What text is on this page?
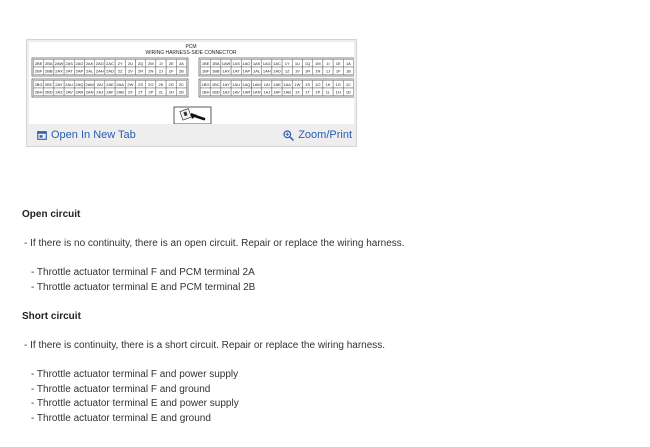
PCM
WIRING HARNESS-SIDE CONNECTOR
2BE 2BA 2AW 2AS 2AO 2AK 2AG 2AC 2Y 2U 2Q 2M 2I 2E 2A
2BF 2BB 2AX 2AT 2AP 2AL 2AH 2AD 2Z 2V 2R 2N 2J 2F 2B
1BE 1BA 1AW 1AS 1AO 1AK 1AG 1AC 1Y 1U 1Q 1M 1I 1E 1A
1BF 1BB 1AX 1AT 1AP 1AL 1AH 1AD 1Z 1V 1R 1N 1J 1F 1B
2BG 2BC 2AY 2AU 2AQ 2AM 2AI 2AE 2AA 2W 2S 2O 2K 2G 2C
2BH 2BD 2AZ 2AV 2AR 2AN 2AJ 2AF 2AB 2X 2T 2P 2L 2H 2D
1BG 1BC 1AY 1AU 1AQ 1AM 1AI 1AE 1AA 1W 1S 1O 1K 1G 1C
1BH 1BD 1AZ 1AV 1AR 1AN 1AJ 1AF 1AB 1X 1T 1P 1L 1H 1D
Open In New Tab	Zoom/Print
Open circuit
- If there is no continuity, there is an open circuit. Repair or replace the wiring harness.
- Throttle actuator terminal F and PCM terminal 2A
- Throttle actuator terminal E and PCM terminal 2B
Short circuit
- If there is continuity, there is a short circuit. Repair or replace the wiring harness.
- Throttle actuator terminal F and power supply
- Throttle actuator terminal F and ground
- Throttle actuator terminal E and power supply
- Throttle actuator terminal E and ground
